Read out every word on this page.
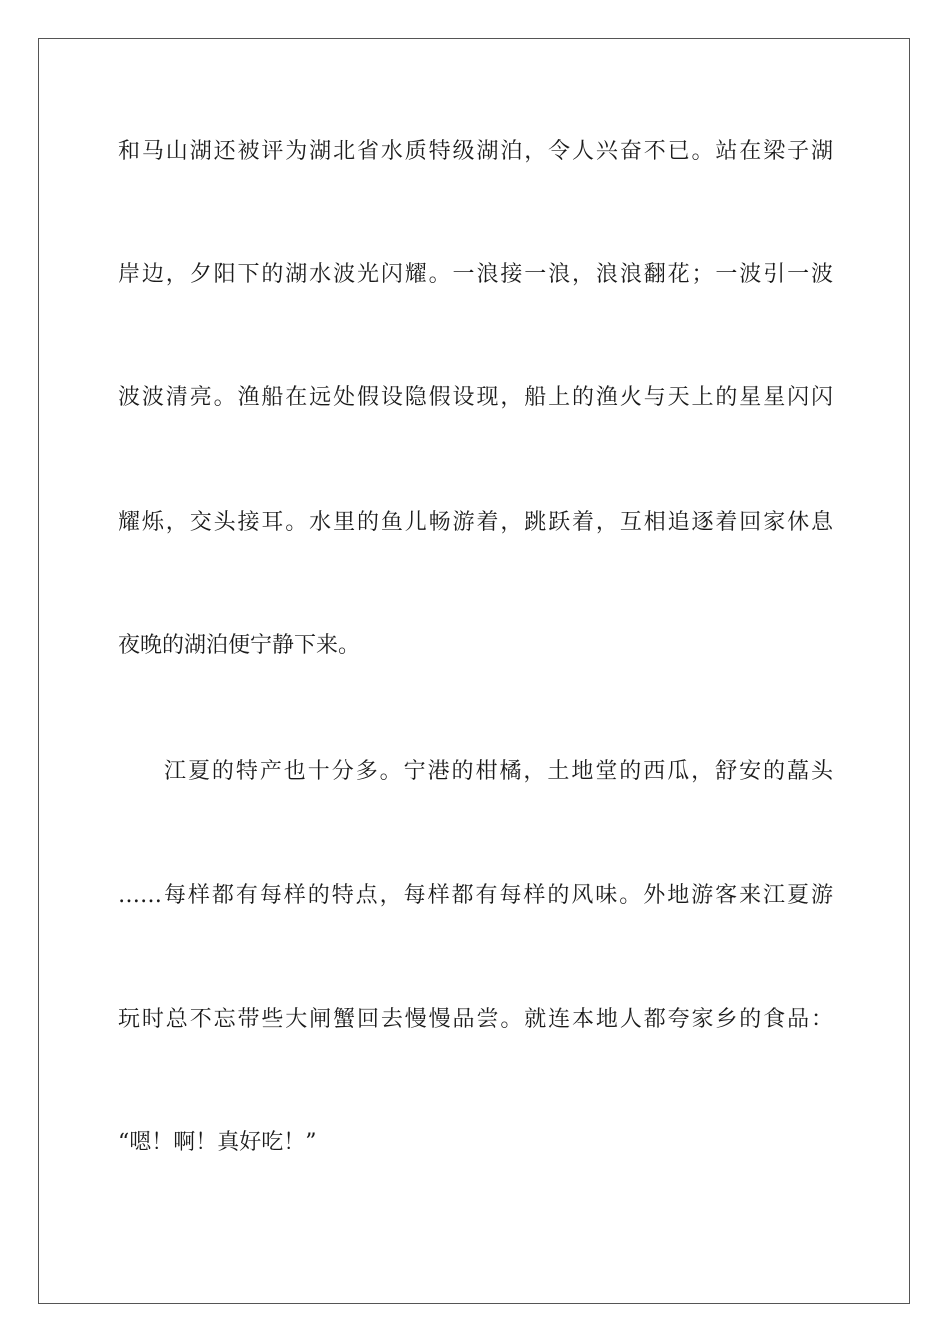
和马山湖还被评为湖北省水质特级湖泊，令人兴奋不已。站在梁子湖
岸边，夕阳下的湖水波光闪耀。一浪接一浪，浪浪翻花；一波引一波
波波清亮。渔船在远处假设隐假设现，船上的渔火与天上的星星闪闪
耀烁，交头接耳。水里的鱼儿畅游着，跳跃着，互相追逐着回家休息
夜晚的湖泊便宁静下来。
江夏的特产也十分多。宁港的柑橘，土地堂的西瓜，舒安的藠头
……每样都有每样的特点，每样都有每样的风味。外地游客来江夏游
玩时总不忘带些大闸蟹回去慢慢品尝。就连本地人都夸家乡的食品：
“嗯！啊！真好吃！”
